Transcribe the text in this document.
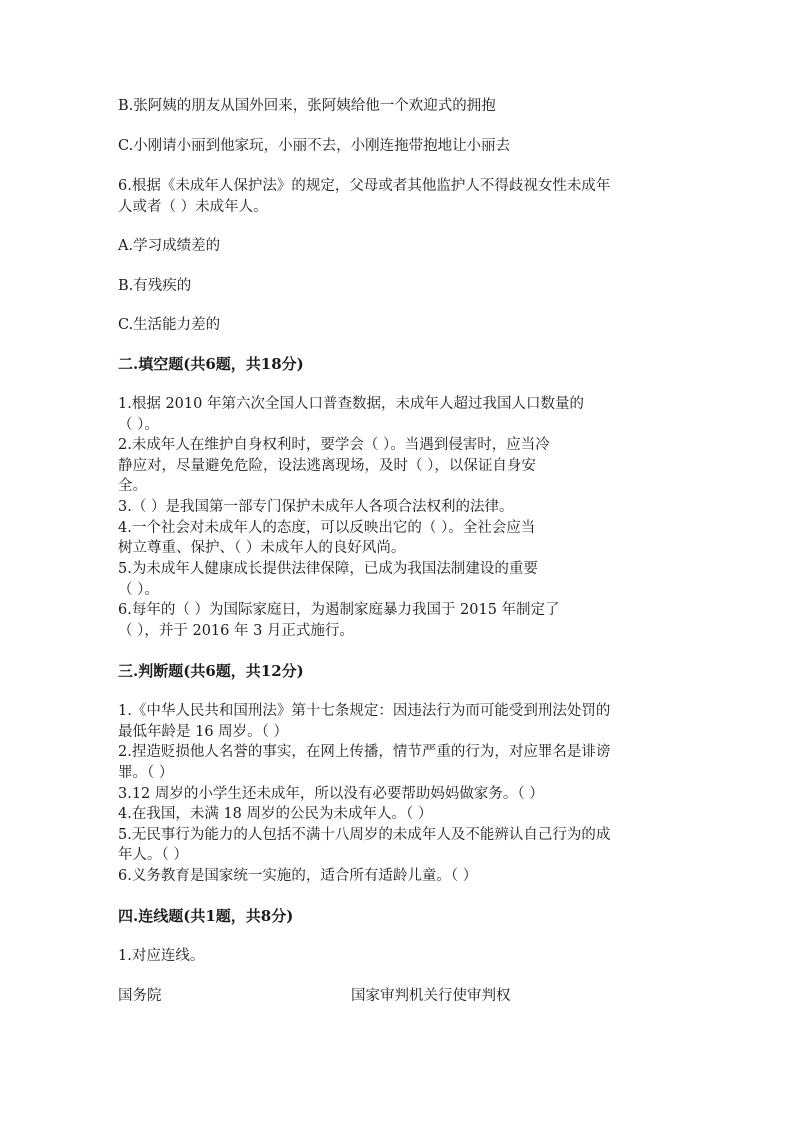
B.张阿姨的朋友从国外回来，张阿姨给他一个欢迎式的拥抱
C.小刚请小丽到他家玩，小丽不去，小刚连拖带抱地让小丽去
6.根据《未成年人保护法》的规定，父母或者其他监护人不得歧视女性未成年
人或者（ ）未成年人。
A.学习成绩差的
B.有残疾的
C.生活能力差的
二.填空题(共6题，共18分)
1.根据 2010 年第六次全国人口普查数据，未成年人超过我国人口数量的
（ ）。
2.未成年人在维护自身权利时，要学会（ ）。当遇到侵害时，应当冷
静应对，尽量避免危险，设法逃离现场，及时（ ），以保证自身安
全。
3.（ ）是我国第一部专门保护未成年人各项合法权利的法律。
4.一个社会对未成年人的态度，可以反映出它的（ ）。全社会应当
树立尊重、保护、（ ）未成年人的良好风尚。
5.为未成年人健康成长提供法律保障，已成为我国法制建设的重要
（ ）。
6.每年的（ ）为国际家庭日，为遏制家庭暴力我国于 2015 年制定了
（ ），并于 2016 年 3 月正式施行。
三.判断题(共6题，共12分)
1.《中华人民共和国刑法》第十七条规定：因违法行为而可能受到刑法处罚的
最低年龄是 16 周岁。（ ）
2.捏造贬损他人名誉的事实，在网上传播，情节严重的行为，对应罪名是诽谤
罪。（ ）
3.12 周岁的小学生还未成年，所以没有必要帮助妈妈做家务。（ ）
4.在我国，未满 18 周岁的公民为未成年人。（ ）
5.无民事行为能力的人包括不满十八周岁的未成年人及不能辨认自己行为的成
年人。（ ）
6.义务教育是国家统一实施的，适合所有适龄儿童。（ ）
四.连线题(共1题，共8分)
1.对应连线。
国务院	国家审判机关行使审判权
